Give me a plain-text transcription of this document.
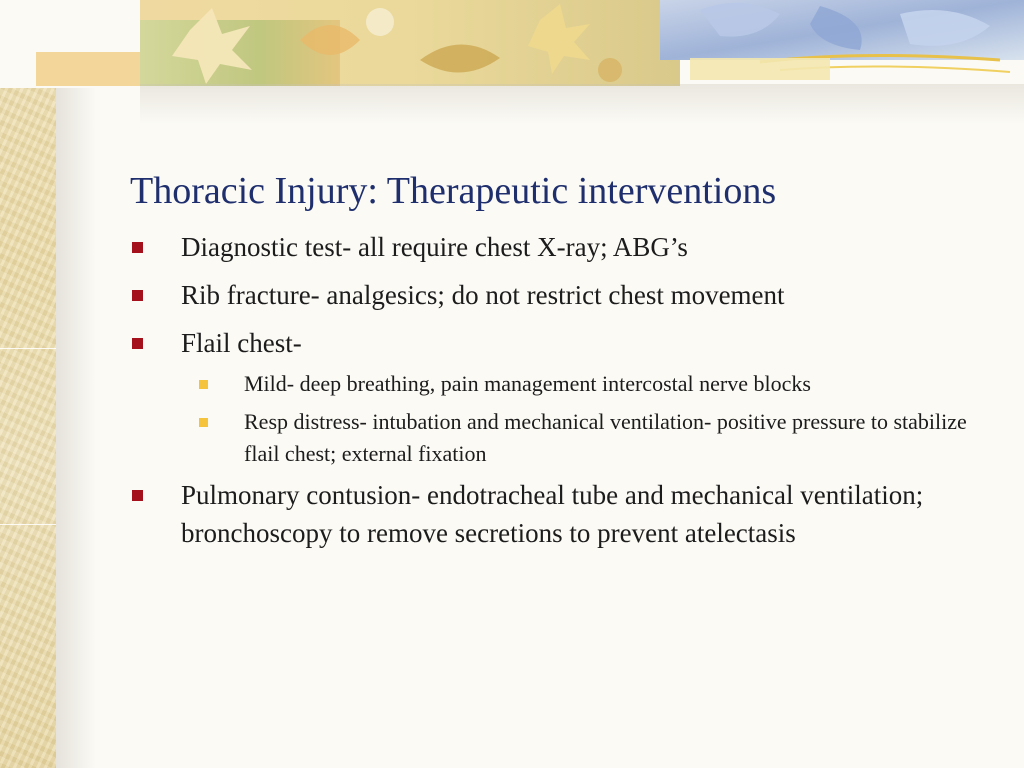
Thoracic Injury: Therapeutic interventions
Diagnostic test- all require chest X-ray; ABG’s
Rib fracture- analgesics; do not restrict chest movement
Flail chest-
Mild- deep breathing, pain management intercostal nerve blocks
Resp distress- intubation and mechanical ventilation- positive pressure to stabilize flail chest; external fixation
Pulmonary contusion- endotracheal tube and mechanical ventilation; bronchoscopy to remove secretions to prevent atelectasis
